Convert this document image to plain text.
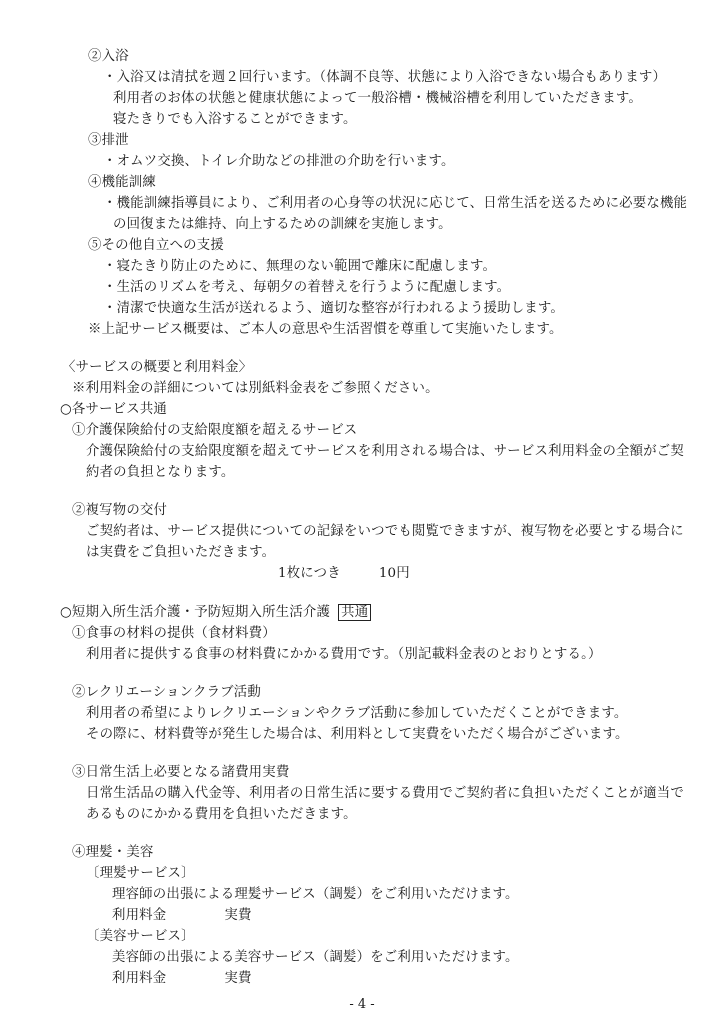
②入浴
・入浴又は清拭を週２回行います。（体調不良等、状態により入浴できない場合もあります）
利用者のお体の状態と健康状態によって一般浴槽・機械浴槽を利用していただきます。
寝たきりでも入浴することができます。
③排泄
・オムツ交換、トイレ介助などの排泄の介助を行います。
④機能訓練
・機能訓練指導員により、ご利用者の心身等の状況に応じて、日常生活を送るために必要な機能
の回復または維持、向上するための訓練を実施します。
⑤その他自立への支援
・寝たきり防止のために、無理のない範囲で離床に配慮します。
・生活のリズムを考え、毎朝夕の着替えを行うように配慮します。
・清潔で快適な生活が送れるよう、適切な整容が行われるよう援助します。
※上記サービス概要は、ご本人の意思や生活習慣を尊重して実施いたします。
〈サービスの概要と利用料金〉
※利用料金の詳細については別紙料金表をご参照ください。
○各サービス共通
①介護保険給付の支給限度額を超えるサービス
介護保険給付の支給限度額を超えてサービスを利用される場合は、サービス利用料金の全額がご契
約者の負担となります。
②複写物の交付
ご契約者は、サービス提供についての記録をいつでも閲覧できますが、複写物を必要とする場合に
は実費をご負担いただきます。
1枚につき	10円
○短期入所生活介護・予防短期入所生活介護 共通
①食事の材料の提供（食材料費）
利用者に提供する食事の材料費にかかる費用です。（別記載料金表のとおりとする。）
②レクリエーションクラブ活動
利用者の希望によりレクリエーションやクラブ活動に参加していただくことができます。
その際に、材料費等が発生した場合は、利用料として実費をいただく場合がございます。
③日常生活上必要となる諸費用実費
日常生活品の購入代金等、利用者の日常生活に要する費用でご契約者に負担いただくことが適当で
あるものにかかる費用を負担いただきます。
④理髪・美容
〔理髪サービス〕
理容師の出張による理髪サービス（調髪）をご利用いただけます。
利用料金	実費
〔美容サービス〕
美容師の出張による美容サービス（調髪）をご利用いただけます。
利用料金	実費
- 4 -
